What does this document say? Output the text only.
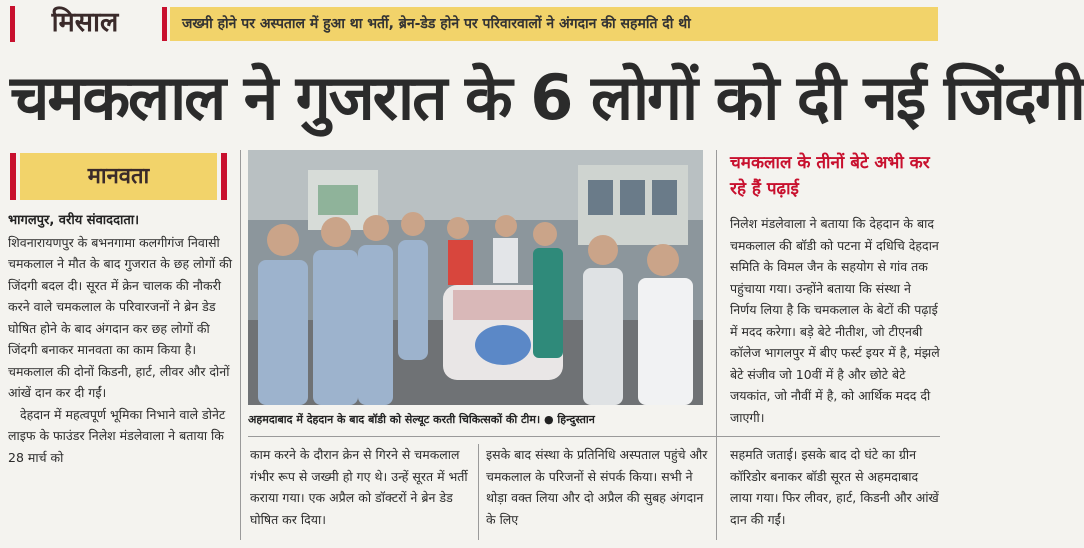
मिसाल	जख्मी होने पर अस्पताल में हुआ था भर्ती, ब्रेन-डेड होने पर परिवारवालों ने अंगदान की सहमति दी थी
चमकलाल ने गुजरात के 6 लोगों को दी नई जिंदगी
मानवता

भागलपुर, वरीय संवाददाता।

शिवनारायणपुर के बभनगामा कलगीगंज निवासी चमकलाल ने मौत के बाद गुजरात के छह लोगों की जिंदगी बदल दी। सूरत में क्रेन चालक की नौकरी करने वाले चमकलाल के परिवारजनों ने ब्रेन डेड घोषित होने के बाद अंगदान कर छह लोगों की जिंदगी बनाकर मानवता का काम किया है। चमकलाल की दोनों किडनी, हार्ट, लीवर और दोनों आंखें दान कर दी गईं।

देहदान में महत्वपूर्ण भूमिका निभाने वाले डोनेट लाइफ के फाउंडर निलेश मंडलेवाला ने बताया कि 28 मार्च को

अहमदाबाद में देहदान के बाद बॉडी को सेल्यूट करती चिकित्सकों की टीम। ● हिन्दुस्तान
चमकलाल के तीनों बेटे अभी कर रहे हैं पढ़ाई
निलेश मंडलेवाला ने बताया कि देहदान के बाद चमकलाल की बॉडी को पटना में दधिचि देहदान समिति के विमल जैन के सहयोग से गांव तक पहुंचाया गया। उन्होंने बताया कि संस्था ने निर्णय लिया है कि चमकलाल के बेटों की पढ़ाई में मदद करेगा। बड़े बेटे नीतीश, जो टीएनबी कॉलेज भागलपुर में बीए फर्स्ट इयर में है, मंझले बेटे संजीव जो 10वीं में है और छोटे बेटे जयकांत, जो नौवीं में है, को आर्थिक मदद दी जाएगी।
काम करने के दौरान क्रेन से गिरने से चमकलाल गंभीर रूप से जख्मी हो गए थे। उन्हें सूरत में भर्ती कराया गया। एक अप्रैल को डॉक्टरों ने ब्रेन डेड घोषित कर दिया।
इसके बाद संस्था के प्रतिनिधि अस्पताल पहुंचे और चमकलाल के परिजनों से संपर्क किया। सभी ने थोड़ा वक्त लिया और दो अप्रैल की सुबह अंगदान के लिए
सहमति जताई। इसके बाद दो घंटे का ग्रीन कॉरिडोर बनाकर बॉडी सूरत से अहमदाबाद लाया गया। फिर लीवर, हार्ट, किडनी और आंखें दान की गईं।
